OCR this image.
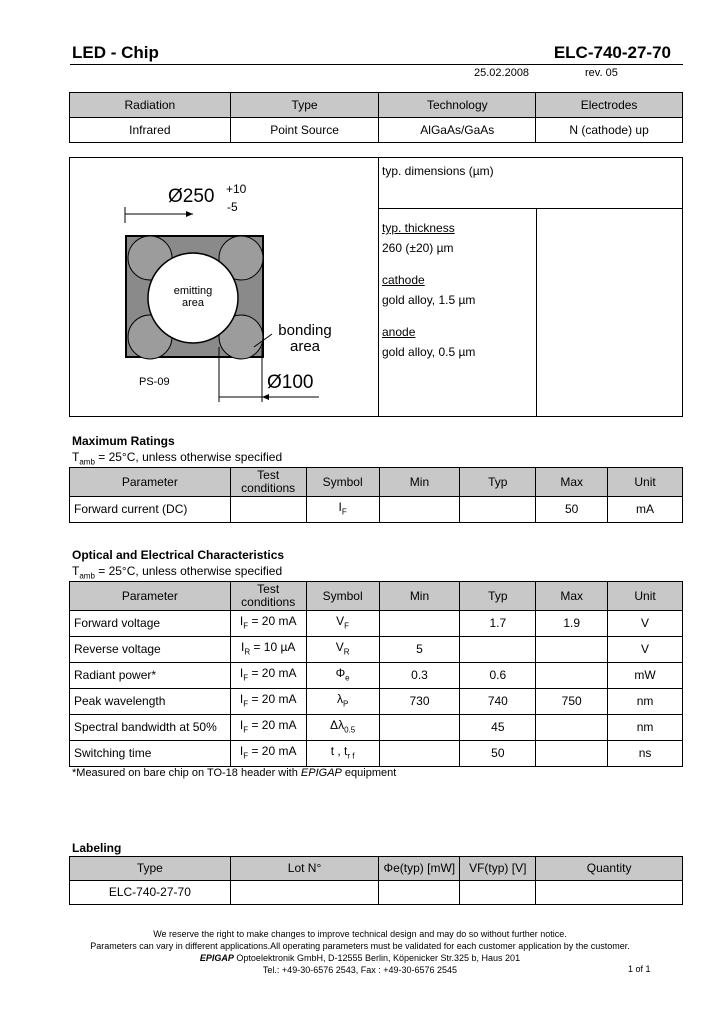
LED - Chip	ELC-740-27-70
25.02.2008	rev. 05
Radiation	Type	Technology	Electrodes
Infrared	Point Source	AlGaAs/GaAs	N (cathode) up
Ø250 +10
-5
emitting
area
bonding
area
Ø100
PS-09
typ. dimensions (µm)
typ. thickness
260 (±20) µm
cathode
gold alloy, 1.5 µm
anode
gold alloy, 0.5 µm
Maximum Ratings
$T_{amb} = 25^\circ C$, unless otherwise specified
Parameter	Test conditions	Symbol	Min	Typ	Max	Unit
Forward current (DC)		$I_F$			50	mA
Optical and Electrical Characteristics
$T_{amb} = 25^\circ C$, unless otherwise specified
Parameter	Test conditions	Symbol	Min	Typ	Max	Unit
Forward voltage	$I_F = 20$ mA	$V_F$		1.7	1.9	V
Reverse voltage	$I_R = 10$ µA	$V_R$	5			V
Radiant power*	$I_F = 20$ mA	$\Phi_e$	0.3	0.6		mW
Peak wavelength	$I_F = 20$ mA	$\lambda_P$	730	740	750	nm
Spectral bandwidth at 50%	$I_F = 20$ mA	$\Delta\lambda_{0.5}$		45		nm
Switching time	$I_F = 20$ mA	t , $t_{r f}$		50		ns
*Measured on bare chip on TO-18 header with EPIGAP equipment
Labeling
Type	Lot N°	Φe(typ) [mW]	VF(typ) [V]	Quantity
ELC-740-27-70				
We reserve the right to make changes to improve technical design and may do so without further notice.
Parameters can vary in different applications.All operating parameters must be validated for each customer application by the customer.
EPIGAP Optoelektronik GmbH, D-12555 Berlin, Köpenicker Str.325 b, Haus 201
Tel.: +49-30-6576 2543, Fax : +49-30-6576 2545	1 of 1
